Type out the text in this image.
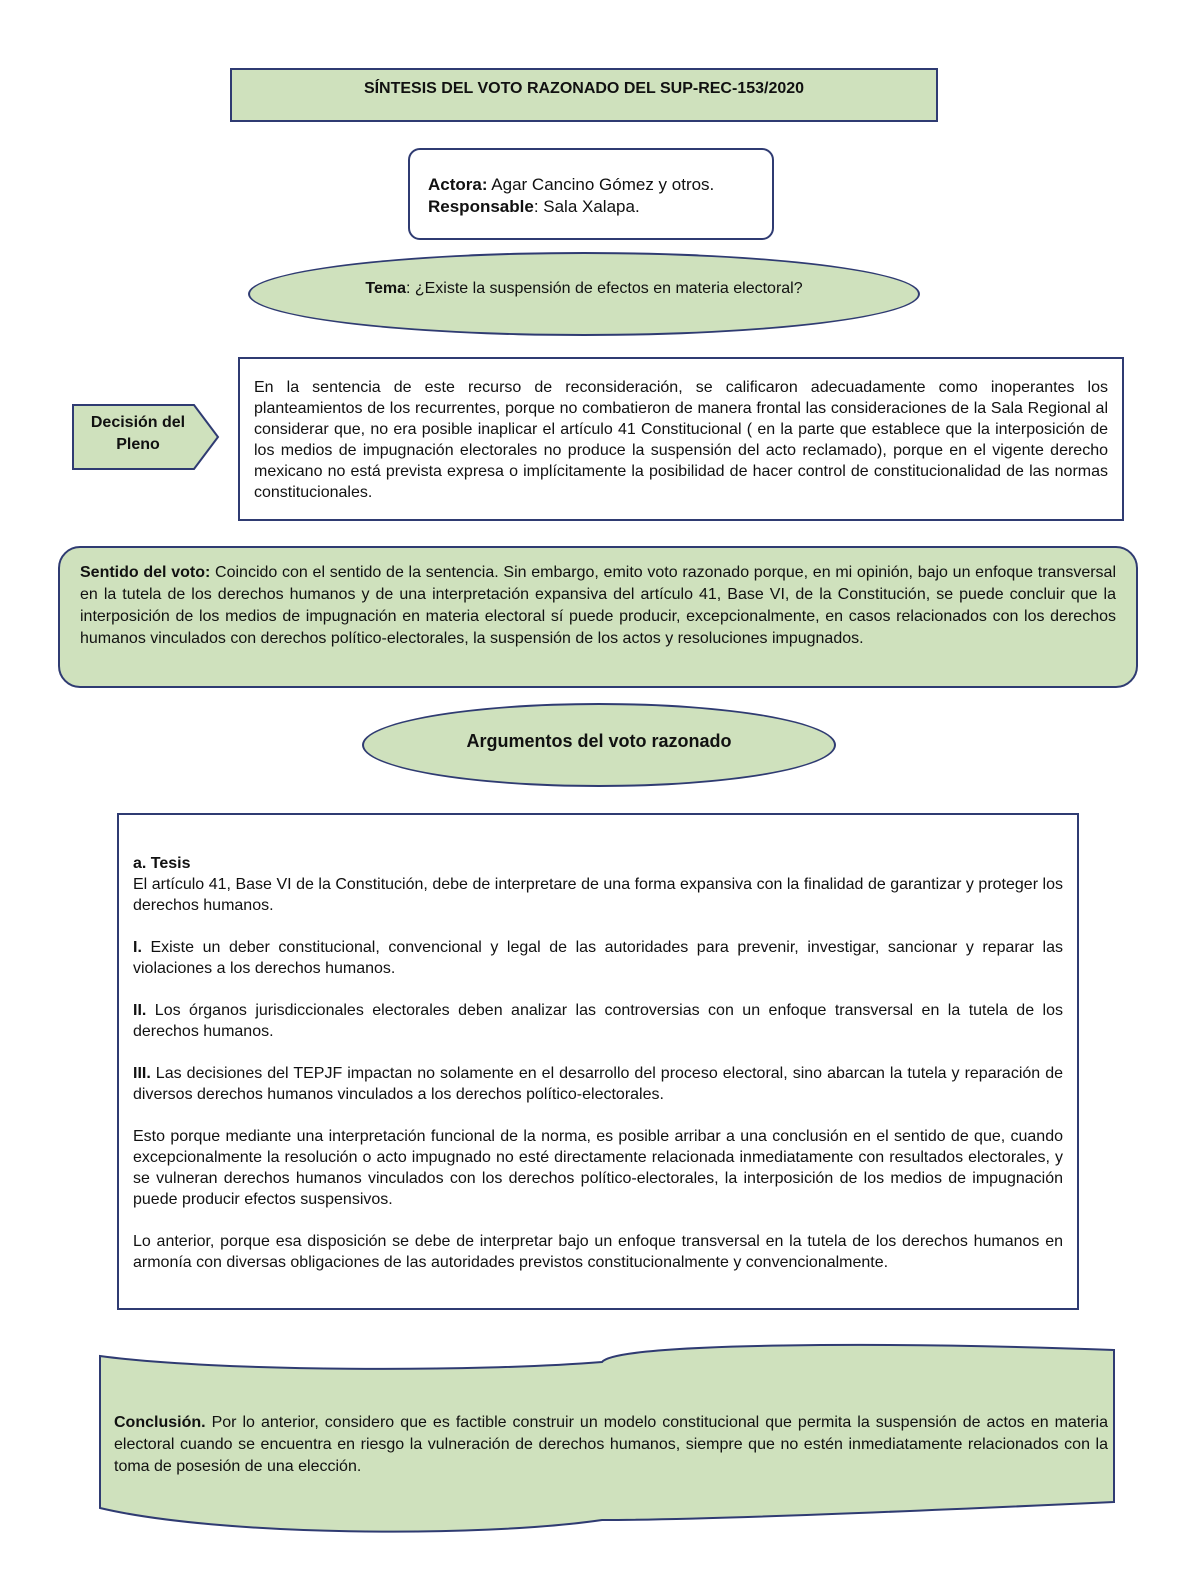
SÍNTESIS DEL VOTO RAZONADO DEL SUP-REC-153/2020
Actora: Agar Cancino Gómez y otros.
Responsable: Sala Xalapa.
Tema: ¿Existe la suspensión de efectos en materia electoral?
Decisión del
Pleno
En la sentencia de este recurso de reconsideración, se calificaron adecuadamente como inoperantes los planteamientos de los recurrentes, porque no combatieron de manera frontal las consideraciones de la Sala Regional al considerar que, no era posible inaplicar el artículo 41 Constitucional ( en la parte que establece que la interposición de los medios de impugnación electorales no produce la suspensión del acto reclamado), porque en el vigente derecho mexicano no está prevista expresa o implícitamente la posibilidad de hacer control de constitucionalidad de las normas constitucionales.
Sentido del voto: Coincido con el sentido de la sentencia. Sin embargo, emito voto razonado porque, en mi opinión, bajo un enfoque transversal en la tutela de los derechos humanos y de una interpretación expansiva del artículo 41, Base VI, de la Constitución, se puede concluir que la interposición de los medios de impugnación en materia electoral sí puede producir, excepcionalmente, en casos relacionados con los derechos humanos vinculados con derechos político-electorales, la suspensión de los actos y resoluciones impugnados.
Argumentos del voto razonado

a. Tesis

El artículo 41, Base VI de la Constitución, debe de interpretare de una forma expansiva con la finalidad de garantizar y proteger los derechos humanos.

I. Existe un deber constitucional, convencional y legal de las autoridades para prevenir, investigar, sancionar y reparar las violaciones a los derechos humanos.

II. Los órganos jurisdiccionales electorales deben analizar las controversias con un enfoque transversal en la tutela de los derechos humanos.

III. Las decisiones del TEPJF impactan no solamente en el desarrollo del proceso electoral, sino abarcan la tutela y reparación de diversos derechos humanos vinculados a los derechos político-electorales.

Esto porque mediante una interpretación funcional de la norma, es posible arribar a una conclusión en el sentido de que, cuando excepcionalmente la resolución o acto impugnado no esté directamente relacionada inmediatamente con resultados electorales, y se vulneran derechos humanos vinculados con los derechos político-electorales, la interposición de los medios de impugnación puede producir efectos suspensivos.

Lo anterior, porque esa disposición se debe de interpretar bajo un enfoque transversal en la tutela de los derechos humanos en armonía con diversas obligaciones de las autoridades previstos constitucionalmente y convencionalmente.

Conclusión. Por lo anterior, considero que es factible construir un modelo constitucional que permita la suspensión de actos en materia electoral cuando se encuentra en riesgo la vulneración de derechos humanos, siempre que no estén inmediatamente relacionados con la toma de posesión de una elección.
